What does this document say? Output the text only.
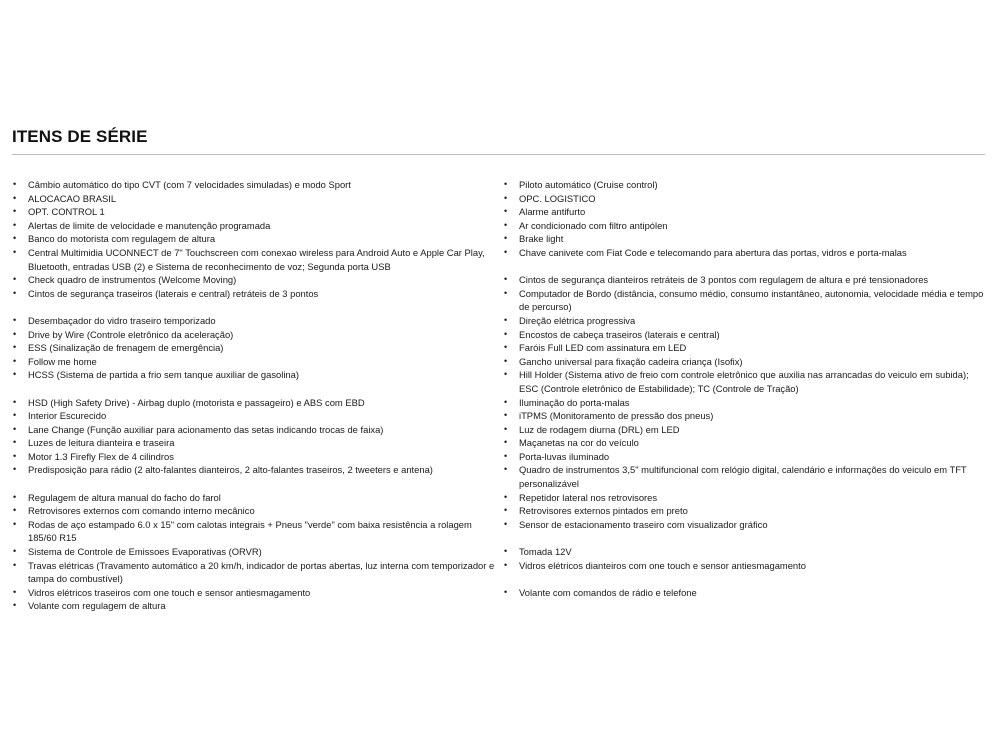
ITENS DE SÉRIE
• Câmbio automático do tipo CVT (com 7 velocidades simuladas) e modo Sport
• ALOCACAO BRASIL
• OPT. CONTROL 1
• Alertas de limite de velocidade e manutenção programada
• Banco do motorista com regulagem de altura
• Central Multimidia UCONNECT de 7" Touchscreen com conexao wireless para Android Auto e Apple Car Play, Bluetooth, entradas USB (2) e Sistema de reconhecimento de voz; Segunda porta USB
• Check quadro de instrumentos (Welcome Moving)
• Cintos de segurança traseiros (laterais e central) retráteis de 3 pontos
• Desembaçador do vidro traseiro temporizado
• Drive by Wire (Controle eletrônico da aceleração)
• ESS (Sinalização de frenagem de emergência)
• Follow me home
• HCSS (Sistema de partida a frio sem tanque auxiliar de gasolina)
• HSD (High Safety Drive) - Airbag duplo (motorista e passageiro) e ABS com EBD
• Interior Escurecido
• Lane Change (Função auxiliar para acionamento das setas indicando trocas de faixa)
• Luzes de leitura dianteira e traseira
• Motor 1.3 Firefly Flex de 4 cilindros
• Predisposição para rádio (2 alto-falantes dianteiros, 2 alto-falantes traseiros, 2 tweeters e antena)
• Regulagem de altura manual do facho do farol
• Retrovisores externos com comando interno mecânico
• Rodas de aço estampado 6.0 x 15" com calotas integrais + Pneus "verde" com baixa resistência a rolagem 185/60 R15
• Sistema de Controle de Emissoes Evaporativas (ORVR)
• Travas elétricas (Travamento automático a 20 km/h, indicador de portas abertas, luz interna com temporizador e tampa do combustível)
• Vidros elétricos traseiros com one touch e sensor antiesmagamento
• Volante com regulagem de altura
• Piloto automático (Cruise control)
• OPC. LOGISTICO
• Alarme antifurto
• Ar condicionado com filtro antipólen
• Brake light
• Chave canivete com Fiat Code e telecomando para abertura das portas, vidros e porta-malas
• Cintos de segurança dianteiros retráteis de 3 pontos com regulagem de altura e pré tensionadores
• Computador de Bordo (distância, consumo médio, consumo instantâneo, autonomia, velocidade média e tempo de percurso)
• Direção elétrica progressiva
• Encostos de cabeça traseiros (laterais e central)
• Faróis Full LED com assinatura em LED
• Gancho universal para fixação cadeira criança (Isofix)
• Hill Holder (Sistema ativo de freio com controle eletrônico que auxilia nas arrancadas do veiculo em subida); ESC (Controle eletrônico de Estabilidade); TC (Controle de Tração)
• Iluminação do porta-malas
• iTPMS (Monitoramento de pressão dos pneus)
• Luz de rodagem diurna (DRL) em LED
• Maçanetas na cor do veículo
• Porta-luvas iluminado
• Quadro de instrumentos 3,5" multifuncional com relógio digital, calendário e informações do veiculo em TFT personalizável
• Repetidor lateral nos retrovisores
• Retrovisores externos pintados em preto
• Sensor de estacionamento traseiro com visualizador gráfico
• Tomada 12V
• Vidros elétricos dianteiros com one touch e sensor antiesmagamento
• Volante com comandos de rádio e telefone
